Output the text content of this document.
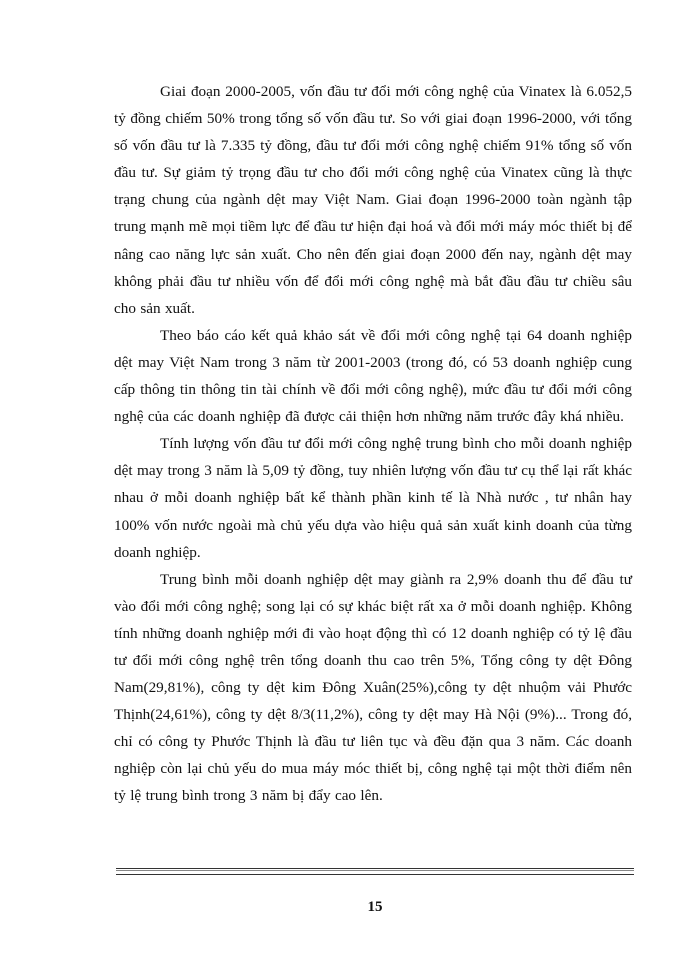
Giai đoạn 2000-2005, vốn đầu tư đổi mới công nghệ của Vinatex là 6.052,5 tỷ đồng chiếm 50% trong tổng số vốn đầu tư. So với giai đoạn 1996-2000, với tổng số vốn đầu tư là 7.335 tỷ đồng, đầu tư đổi mới công nghệ chiếm 91% tổng số vốn đầu tư. Sự giảm tỷ trọng đầu tư cho đổi mới công nghệ của Vinatex cũng là thực trạng chung của ngành dệt may Việt Nam. Giai đoạn 1996-2000 toàn ngành tập trung mạnh mẽ mọi tiềm lực để đầu tư hiện đại hoá và đổi mới máy móc thiết bị để nâng cao năng lực sản xuất. Cho nên đến giai đoạn 2000 đến nay, ngành dệt may không phải đầu tư nhiều vốn để đổi mới công nghệ mà bắt đầu đầu tư chiều sâu cho sản xuất.

Theo báo cáo kết quả khảo sát về đổi mới công nghệ tại 64 doanh nghiệp dệt may Việt Nam trong 3 năm từ 2001-2003 (trong đó, có 53 doanh nghiệp cung cấp thông tin thông tin tài chính về đổi mới công nghệ), mức đầu tư đổi mới công nghệ của các doanh nghiệp đã được cải thiện hơn những năm trước đây khá nhiều.

Tính lượng vốn đầu tư đổi mới công nghệ trung bình cho mỗi doanh nghiệp dệt may trong 3 năm là 5,09 tỷ đồng, tuy nhiên lượng vốn đầu tư cụ thể lại rất khác nhau ở mỗi doanh nghiệp bất kể thành phần kinh tế là Nhà nước , tư nhân hay 100% vốn nước ngoài mà chủ yếu dựa vào hiệu quả sản xuất kinh doanh của từng doanh nghiệp.

Trung bình mỗi doanh nghiệp dệt may giành ra 2,9% doanh thu để đầu tư vào đổi mới công nghệ; song lại có sự khác biệt rất xa ở mỗi doanh nghiệp. Không tính những doanh nghiệp mới đi vào hoạt động thì có 12 doanh nghiệp có tỷ lệ đầu tư đổi mới công nghệ trên tổng doanh thu cao trên 5%, Tổng công ty dệt Đông Nam(29,81%), công ty dệt kim Đông Xuân(25%),công ty dệt nhuộm vải Phước Thịnh(24,61%), công ty dệt 8/3(11,2%), công ty dệt may Hà Nội (9%)... Trong đó, chỉ có công ty Phước Thịnh là đầu tư liên tục và đều đặn qua 3 năm. Các doanh nghiệp còn lại chủ yếu do mua máy móc thiết bị, công nghệ tại một thời điểm nên tỷ lệ trung bình trong 3 năm bị đẩy cao lên.

15
